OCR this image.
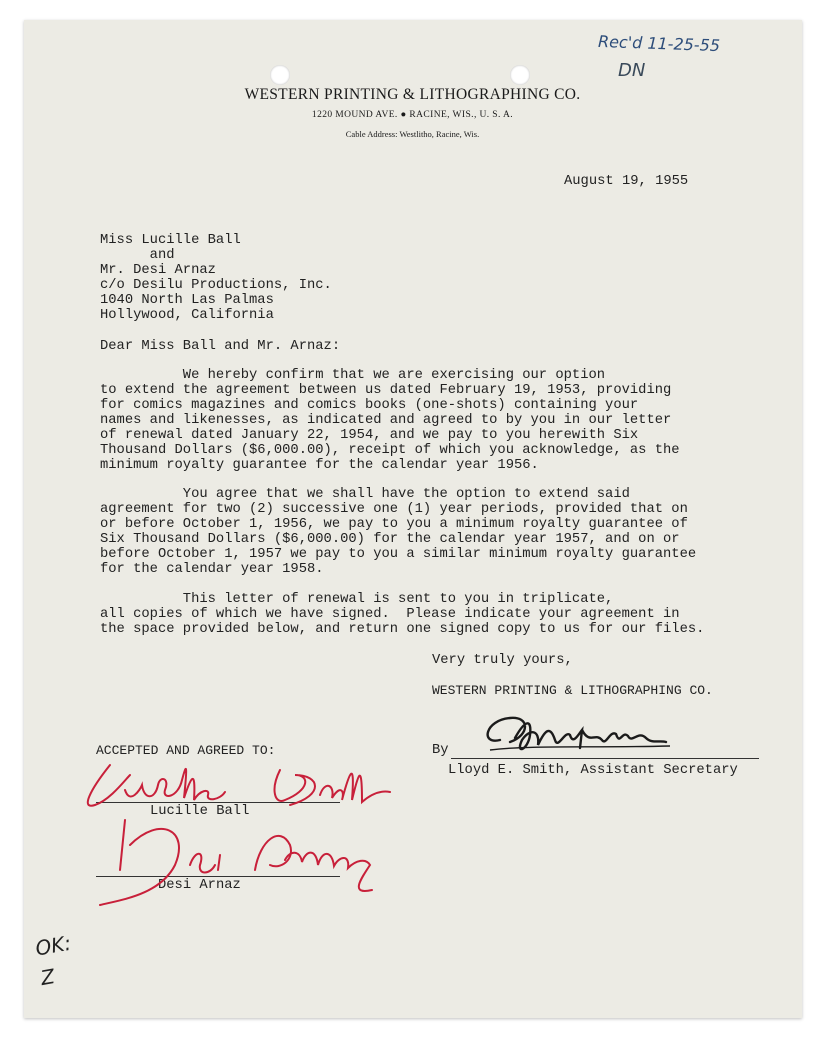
WESTERN PRINTING & LITHOGRAPHING CO.
1220 MOUND AVE. ● RACINE, WIS., U. S. A.
Cable Address: Westlitho, Racine, Wis.
Rec'd 11-25-55
DN
August 19, 1955
Miss Lucille Ball
and
Mr. Desi Arnaz
c/o Desilu Productions, Inc.
1040 North Las Palmas
Hollywood, California
Dear Miss Ball and Mr. Arnaz:
We hereby confirm that we are exercising our option
to extend the agreement between us dated February 19, 1953, providing
for comics magazines and comics books (one-shots) containing your
names and likenesses, as indicated and agreed to by you in our letter
of renewal dated January 22, 1954, and we pay to you herewith Six
Thousand Dollars ($6,000.00), receipt of which you acknowledge, as the
minimum royalty guarantee for the calendar year 1956.
You agree that we shall have the option to extend said
agreement for two (2) successive one (1) year periods, provided that on
or before October 1, 1956, we pay to you a minimum royalty guarantee of
Six Thousand Dollars ($6,000.00) for the calendar year 1957, and on or
before October 1, 1957 we pay to you a similar minimum royalty guarantee
for the calendar year 1958.
This letter of renewal is sent to you in triplicate,
all copies of which we have signed.  Please indicate your agreement in
the space provided below, and return one signed copy to us for our files.
Very truly yours,
WESTERN PRINTING & LITHOGRAPHING CO.
By
Lloyd E. Smith, Assistant Secretary
ACCEPTED AND AGREED TO:
Lucille Ball
Desi Arnaz
OK: Z
